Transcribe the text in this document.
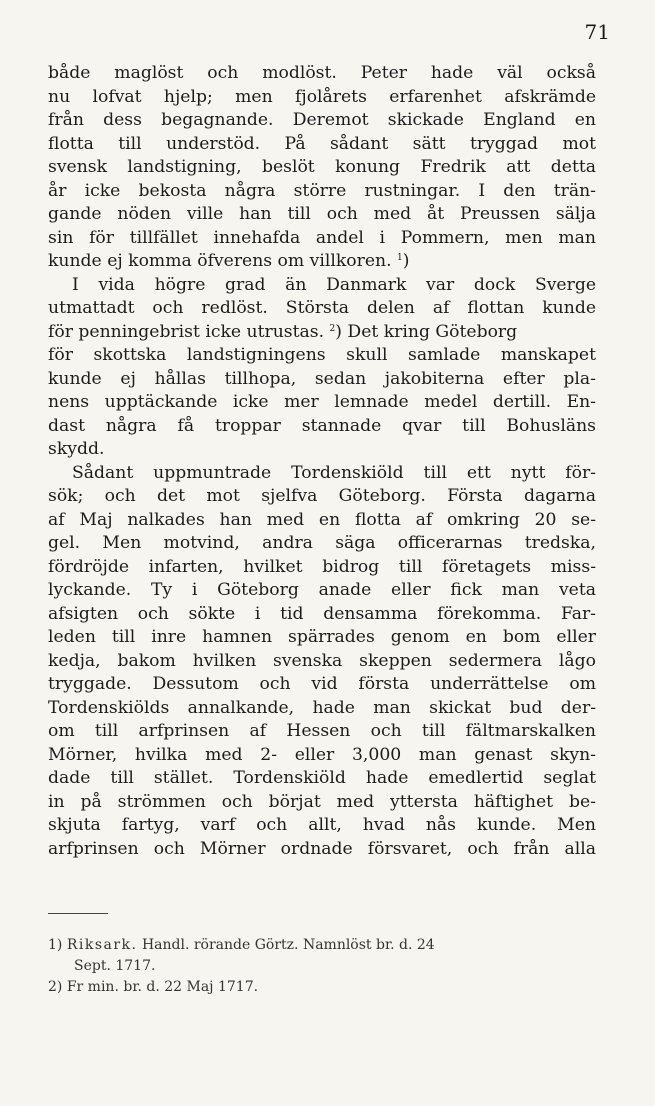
71
både maglöst och modlöst. Peter hade väl också
nu lofvat hjelp; men fjolårets erfarenhet afskrämde
från dess begagnande. Deremot skickade England en
flotta till understöd. På sådant sätt tryggad mot
svensk landstigning, beslöt konung Fredrik att detta
år icke bekosta några större rustningar. I den trän-
gande nöden ville han till och med åt Preussen sälja
sin för tillfället innehafda andel i Pommern, men man
kunde ej komma öfverens om villkoren. $^1$)
I vida högre grad än Danmark var dock Sverge
utmattadt och redlöst. Största delen af flottan kunde
för penningebrist icke utrustas. $^2$) Det kring Göteborg
för skottska landstigningens skull samlade manskapet
kunde ej hållas tillhopa, sedan jakobiterna efter pla-
nens upptäckande icke mer lemnade medel dertill. En-
dast några få troppar stannade qvar till Bohusläns
skydd.
Sådant uppmuntrade Tordenskiöld till ett nytt för-
sök; och det mot sjelfva Göteborg. Första dagarna
af Maj nalkades han med en flotta af omkring 20 se-
gel. Men motvind, andra säga officerarnas tredska,
fördröjde infarten, hvilket bidrog till företagets miss-
lyckande. Ty i Göteborg anade eller fick man veta
afsigten och sökte i tid densamma förekomma. Far-
leden till inre hamnen spärrades genom en bom eller
kedja, bakom hvilken svenska skeppen sedermera lågo
tryggade. Dessutom och vid första underrättelse om
Tordenskiölds annalkande, hade man skickat bud der-
om till arfprinsen af Hessen och till fältmarskalken
Mörner, hvilka med 2- eller 3,000 man genast skyn-
dade till stället. Tordenskiöld hade emedlertid seglat
in på strömmen och börjat med yttersta häftighet be-
skjuta fartyg, varf och allt, hvad nås kunde. Men
arfprinsen och Mörner ordnade försvaret, och från alla
1) Riksark. Handl. rörande Görtz. Namnlöst br. d. 24
Sept. 1717.
2) Fr min. br. d. 22 Maj 1717.
